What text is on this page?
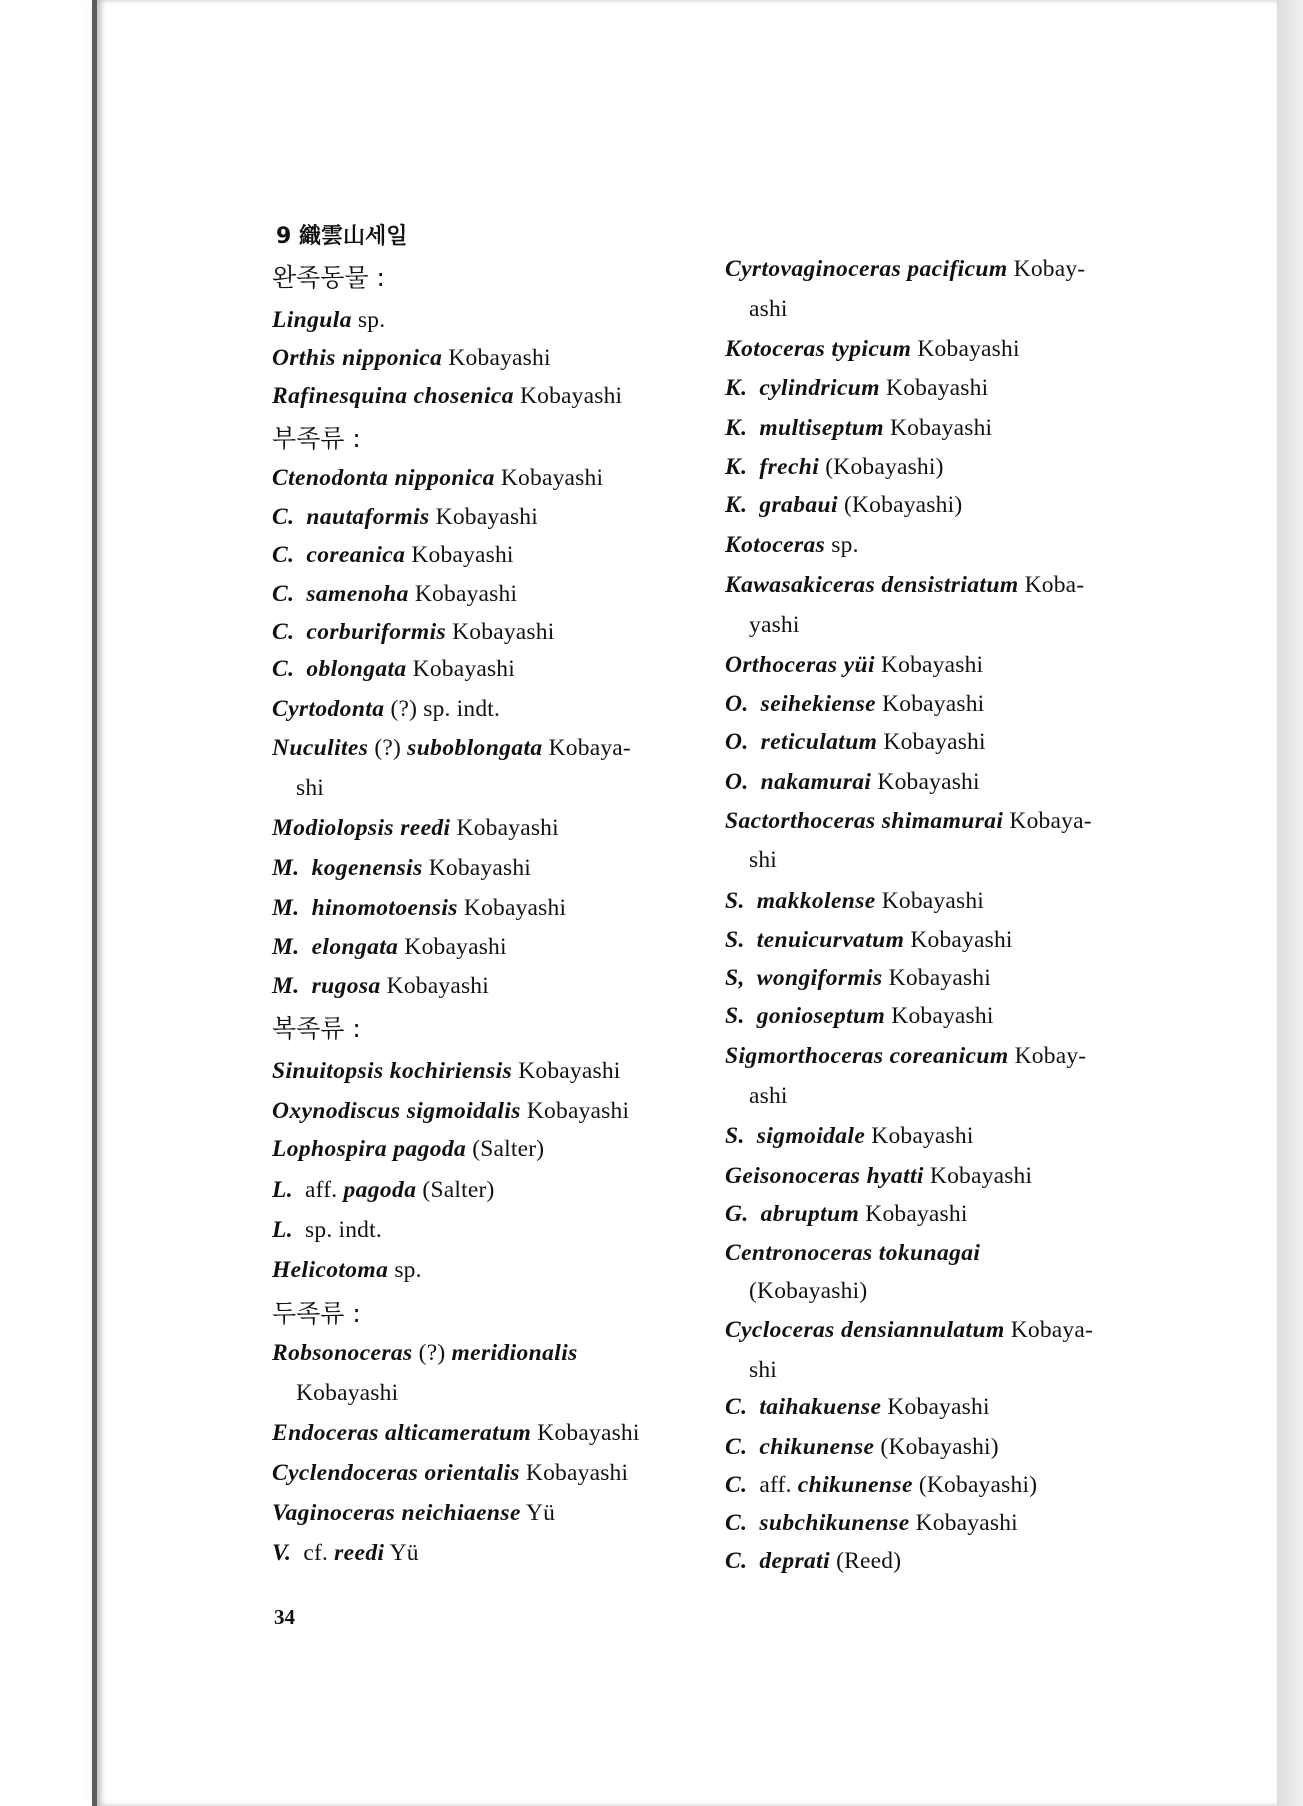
9 織雲山세일
완족동물 :
Lingula sp.
Orthis nipponica Kobayashi
Rafinesquina chosenica Kobayashi
부족류 :
Ctenodonta nipponica Kobayashi
C. nautaformis Kobayashi
C. coreanica Kobayashi
C. samenoha Kobayashi
C. corburiformis Kobayashi
C. oblongata Kobayashi
Cyrtodonta (?) sp. indt.
Nuculites (?) suboblongata Kobaya-
shi
Modiolopsis reedi Kobayashi
M. kogenensis Kobayashi
M. hinomotoensis Kobayashi
M. elongata Kobayashi
M. rugosa Kobayashi
복족류 :
Sinuitopsis kochiriensis Kobayashi
Oxynodiscus sigmoidalis Kobayashi
Lophospira pagoda (Salter)
L. aff. pagoda (Salter)
L. sp. indt.
Helicotoma sp.
두족류 :
Robsonoceras (?) meridionalis
Kobayashi
Endoceras alticameratum Kobayashi
Cyclendoceras orientalis Kobayashi
Vaginoceras neichiaense Yü
V. cf. reedi Yü
Cyrtovaginoceras pacificum Kobay-
ashi
Kotoceras typicum Kobayashi
K. cylindricum Kobayashi
K. multiseptum Kobayashi
K. frechi (Kobayashi)
K. grabaui (Kobayashi)
Kotoceras sp.
Kawasakiceras densistriatum Koba-
yashi
Orthoceras yüi Kobayashi
O. seihekiense Kobayashi
O. reticulatum Kobayashi
O. nakamurai Kobayashi
Sactorthoceras shimamurai Kobaya-
shi
S. makkolense Kobayashi
S. tenuicurvatum Kobayashi
S, wongiformis Kobayashi
S. gonioseptum Kobayashi
Sigmorthoceras coreanicum Kobay-
ashi
S. sigmoidale Kobayashi
Geisonoceras hyatti Kobayashi
G. abruptum Kobayashi
Centronoceras tokunagai
(Kobayashi)
Cycloceras densiannulatum Kobaya-
shi
C. taihakuense Kobayashi
C. chikunense (Kobayashi)
C. aff. chikunense (Kobayashi)
C. subchikunense Kobayashi
C. deprati (Reed)
34
